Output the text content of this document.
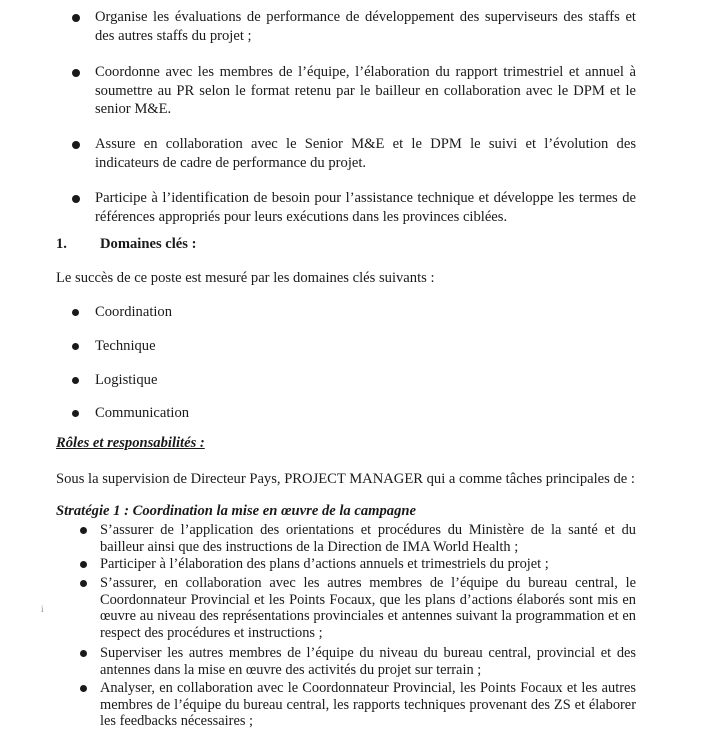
Organise les évaluations de performance de développement des superviseurs des staffs et des autres staffs du projet ;
Coordonne avec les membres de l’équipe, l’élaboration du rapport trimestriel et annuel à soumettre au PR selon le format retenu par le bailleur en collaboration avec le DPM et le senior M&E.
Assure en collaboration avec le Senior M&E et le DPM le suivi et l’évolution des indicateurs de cadre de performance du projet.
Participe à l’identification de besoin pour l’assistance technique et développe les termes de références appropriés pour leurs exécutions dans les provinces ciblées.
1. Domaines clés :
Le succès de ce poste est mesuré par les domaines clés suivants :
Coordination
Technique
Logistique
Communication
Rôles et responsabilités :
Sous la supervision de Directeur Pays, PROJECT MANAGER qui a comme tâches principales de :
Stratégie 1 : Coordination la mise en œuvre de la campagne
S’assurer de l’application des orientations et procédures du Ministère de la santé et du bailleur ainsi que des instructions de la Direction de IMA World Health ;
Participer à l’élaboration des plans d’actions annuels et trimestriels du projet ;
S’assurer, en collaboration avec les autres membres de l’équipe du bureau central, le Coordonnateur Provincial et les Points Focaux, que les plans d’actions élaborés sont mis en œuvre au niveau des représentations provinciales et antennes suivant la programmation et en respect des procédures et instructions ;
Superviser les autres membres de l’équipe du niveau du bureau central, provincial et des antennes dans la mise en œuvre des activités du projet sur terrain ;
Analyser, en collaboration avec le Coordonnateur Provincial, les Points Focaux et les autres membres de l’équipe du bureau central, les rapports techniques provenant des ZS et élaborer les feedbacks nécessaires ;
i
